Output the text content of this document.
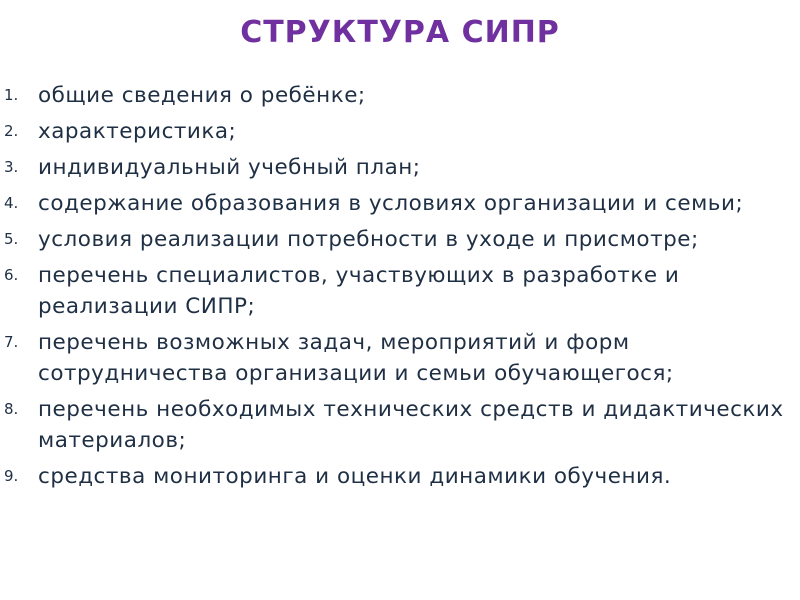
СТРУКТУРА СИПР
1. общие сведения о ребёнке;
2. характеристика;
3. индивидуальный учебный план;
4. содержание образования в условиях организации и семьи;
5. условия реализации потребности в уходе и присмотре;
6. перечень специалистов, участвующих в разработке и реализации СИПР;
7. перечень возможных задач, мероприятий и форм сотрудничества организации и семьи обучающегося;
8. перечень необходимых технических средств и дидактических материалов;
9. средства мониторинга и оценки динамики обучения.
